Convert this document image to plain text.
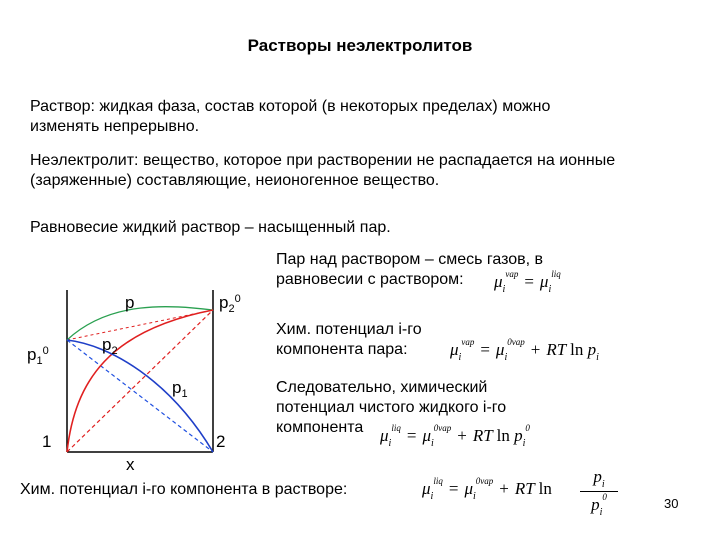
Растворы неэлектролитов
Раствор: жидкая фаза, состав которой (в некоторых пределах) можно
изменять непрерывно.
Неэлектролит: вещество, которое при растворении не распадается на ионные
(заряженные) составляющие, неионогенное вещество.
Равновесие жидкий раствор – насыщенный пар.
p	$p_2^0$
$p_1^0$	$p_2$
$p_1$
1	2
x
Пар над раствором – смесь газов, в
равновесии с раствором:	$\mu_i^{vap} = \mu_i^{liq}$
Хим. потенциал i-го
компонента пара:	$\mu_i^{vap} = \mu_i^{0vap}$ + RT $\ln p_i$
Следовательно, химический
потенциал чистого жидкого i-го
компонента $\mu_i^{liq} = \mu_i^{0vap}$ + RT $\ln p_i^0$
Хим. потенциал i-го компонента в растворе:	$\mu_i^{liq} = \mu_i^{0vap}$ + RT ln
$p_i$
$p_i^0$	30
